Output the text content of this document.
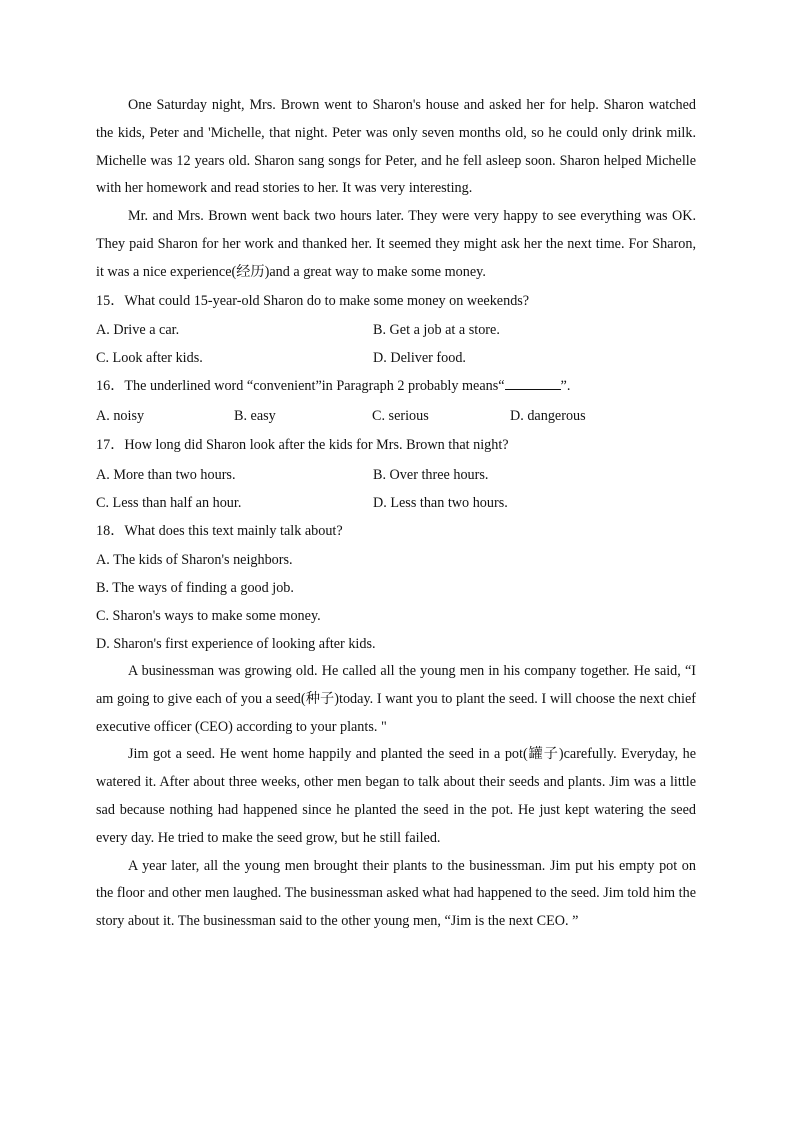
One Saturday night, Mrs. Brown went to Sharon's house and asked her for help. Sharon watched the kids, Peter and 'Michelle, that night. Peter was only seven months old, so he could only drink milk. Michelle was 12 years old. Sharon sang songs for Peter, and he fell asleep soon. Sharon helped Michelle with her homework and read stories to her. It was very interesting.

Mr. and Mrs. Brown went back two hours later. They were very happy to see everything was OK. They paid Sharon for her work and thanked her. It seemed they might ask her the next time. For Sharon, it was a nice experience(经历)and a great way to make some money.

15．What could 15-year-old Sharon do to make some money on weekends?

A. Drive a car.	B. Get a job at a store.
C. Look after kids.	D. Deliver food.

16．The underlined word “convenient”in Paragraph 2 probably means“	”.

A. noisy	B. easy	C. serious	D. dangerous

17．How long did Sharon look after the kids for Mrs. Brown that night?

A. More than two hours.	B. Over three hours.
C. Less than half an hour.	D. Less than two hours.

18．What does this text mainly talk about?

A. The kids of Sharon's neighbors.
B. The ways of finding a good job.
C. Sharon's ways to make some money.
D. Sharon's first experience of looking after kids.

A businessman was growing old. He called all the young men in his company together. He said, “I am going to give each of you a seed(种子)today. I want you to plant the seed. I will choose the next chief executive officer (CEO) according to your plants. "

Jim got a seed. He went home happily and planted the seed in a pot(罐子)carefully. Everyday, he watered it. After about three weeks, other men began to talk about their seeds and plants. Jim was a little sad because nothing had happened since he planted the seed in the pot. He just kept watering the seed every day. He tried to make the seed grow, but he still failed.

A year later, all the young men brought their plants to the businessman. Jim put his empty pot on the floor and other men laughed. The businessman asked what had happened to the seed. Jim told him the story about it. The businessman said to the other young men, “Jim is the next CEO. ”
